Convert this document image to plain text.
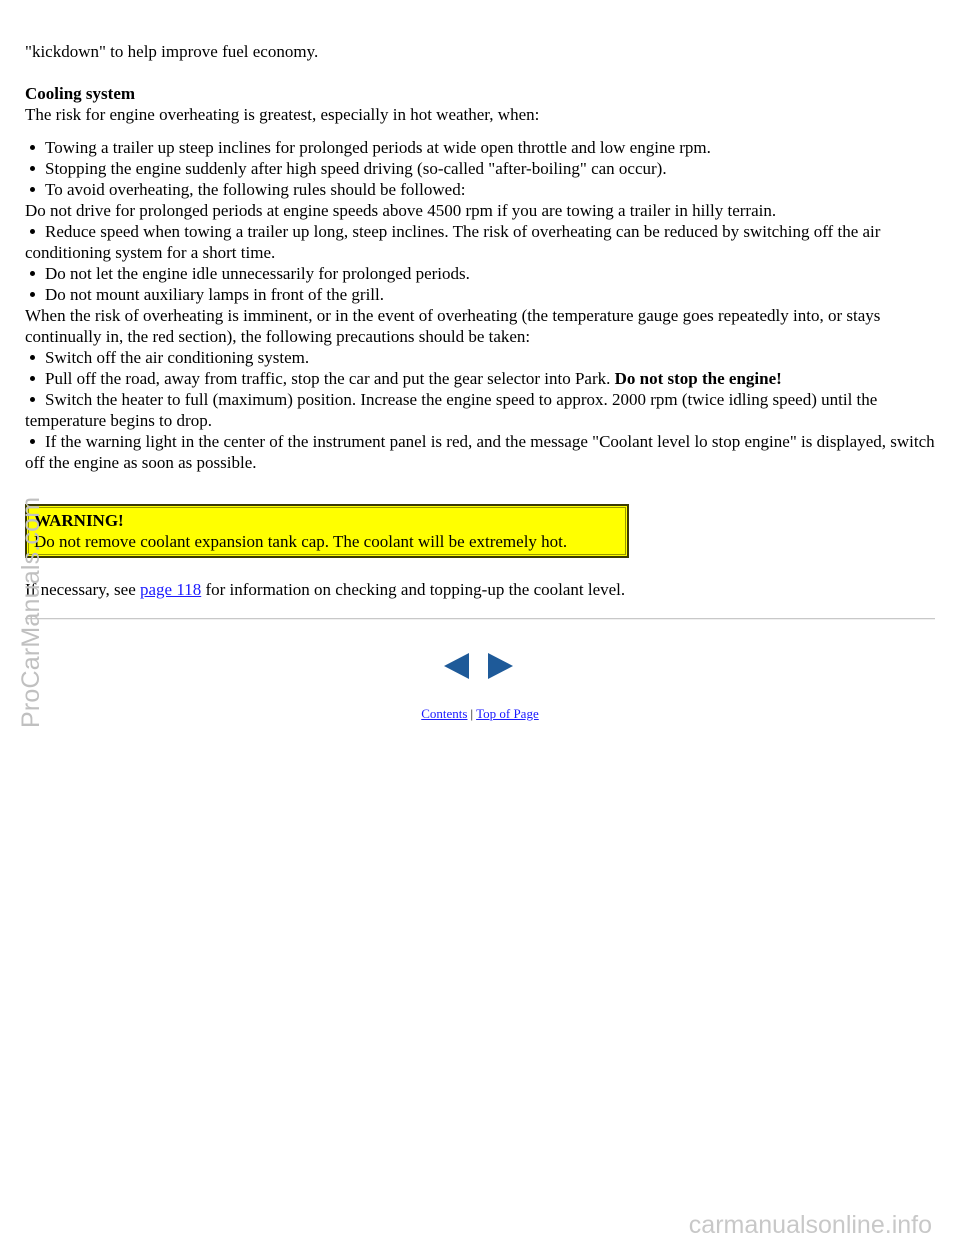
"kickdown" to help improve fuel economy.

Cooling system

The risk for engine overheating is greatest, especially in hot weather, when:

Towing a trailer up steep inclines for prolonged periods at wide open throttle and low engine rpm.
Stopping the engine suddenly after high speed driving (so-called "after-boiling" can occur).
To avoid overheating, the following rules should be followed:
Do not drive for prolonged periods at engine speeds above 4500 rpm if you are towing a trailer in hilly terrain.
Reduce speed when towing a trailer up long, steep inclines. The risk of overheating can be reduced by switching off the air conditioning system for a short time.
Do not let the engine idle unnecessarily for prolonged periods.
Do not mount auxiliary lamps in front of the grill.
When the risk of overheating is imminent, or in the event of overheating (the temperature gauge goes repeatedly into, or stays continually in, the red section), the following precautions should be taken:
Switch off the air conditioning system.
Pull off the road, away from traffic, stop the car and put the gear selector into Park. Do not stop the engine!
Switch the heater to full (maximum) position. Increase the engine speed to approx. 2000 rpm (twice idling speed) until the temperature begins to drop.
If the warning light in the center of the instrument panel is red, and the message "Coolant level lo stop engine" is displayed, switch off the engine as soon as possible.
WARNING!
Do not remove coolant expansion tank cap. The coolant will be extremely hot.

If necessary, see page 118 for information on checking and topping-up the coolant level.

Contents | Top of Page
ProCarManuals.com
carmanualsonline.info
